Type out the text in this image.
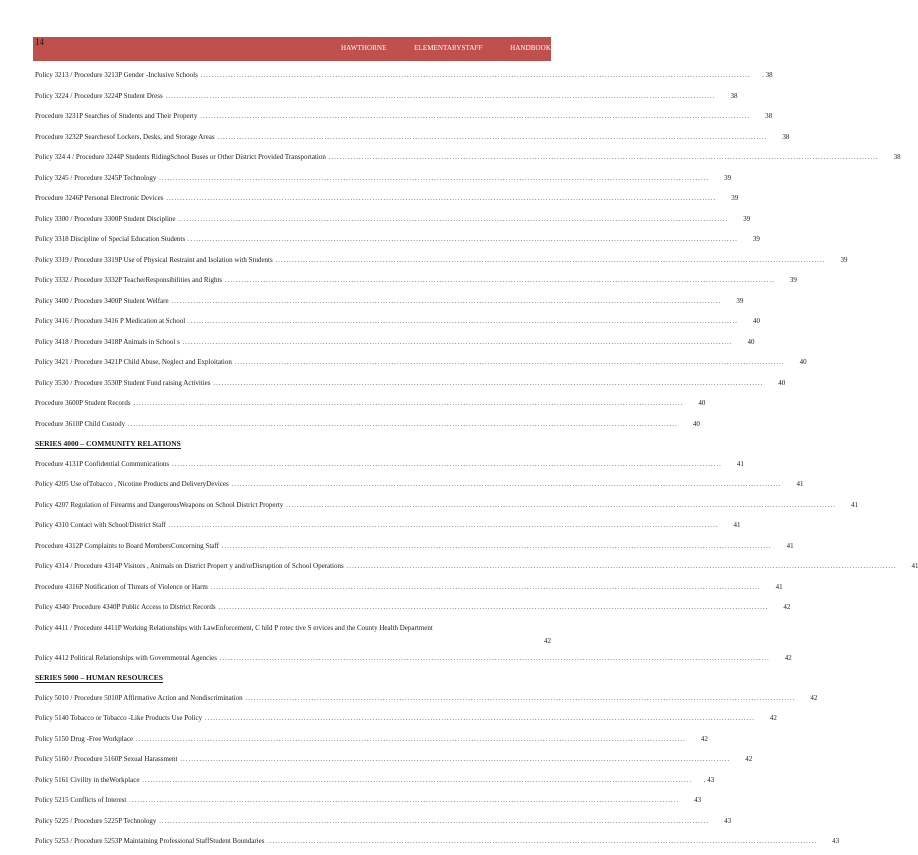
14
HAWTHORNE	ELEMENTARYSTAFF	HANDBOOK
Policy 3213 / Procedure 3213P Gender -Inclusive Schools ........................................................................................................................................................................................................	. 38
Policy 3224 / Procedure 3224P Student Dress ........................................................................................................................................................................................................	38
Procedure 3231P Searches of Students and Their Property ........................................................................................................................................................................................................	38
Procedure 3232P Searchesof Lockers, Desks, and Storage Areas ........................................................................................................................................................................................................	38
Policy 324 4 / Procedure 3244P Students RidingSchool Buses or Other District Provided Transportation ........................................................................................................................................................................................................	38
Policy 3245 / Procedure 3245P Technology ........................................................................................................................................................................................................	39
Procedure 3246P Personal Electronic Devices ........................................................................................................................................................................................................	39
Policy 3300 / Procedure 3300P Student Discipline ........................................................................................................................................................................................................	39
Policy 3318 Discipline of Special Education Students ........................................................................................................................................................................................................	39
Policy 3319 / Procedure 3319P Use of Physical Restraint and Isolation with Students ........................................................................................................................................................................................................	39
Policy 3332 / Procedure 3332P TeacherResponsibilities and Rights ........................................................................................................................................................................................................	39
Policy 3400 / Procedure 3400P Student Welfare ........................................................................................................................................................................................................	39
Policy 3416 / Procedure 3416 P Medication at School ........................................................................................................................................................................................................	40
Policy 3418 / Procedure 3418P Animals in School s ........................................................................................................................................................................................................	40
Policy 3421 / Procedure 3421P Child Abuse, Neglect and Exploitation ........................................................................................................................................................................................................	40
Policy 3530 / Procedure 3530P Student Fund raising Activities ........................................................................................................................................................................................................	40
Procedure 3600P Student Records ........................................................................................................................................................................................................	40
Procedure 3610P Child Custody ........................................................................................................................................................................................................	40
SERIES 4000 – COMMUNITY RELATIONS
Procedure 4131P Confidential Communications ........................................................................................................................................................................................................	41
Policy 4205 Use ofTobacco , Nicotine Products and DeliveryDevices ........................................................................................................................................................................................................	41
Policy 4207 Regulation of Firearms and DangerousWeapons on School District Property ........................................................................................................................................................................................................	41
Policy 4310 Contact with School/District Staff ........................................................................................................................................................................................................	41
Procedure 4312P Complaints to Board MembersConcerning Staff ........................................................................................................................................................................................................	41
Policy 4314 / Procedure 4314P Visitors , Animals on District Propert y and/orDisruption of School Operations ........................................................................................................................................................................................................	41
Procedure 4316P Notification of Threats of Violence or Harm ........................................................................................................................................................................................................	41
Policy 4340/ Procedure 4340P Public Access to District Records ........................................................................................................................................................................................................	42
Policy 4411 / Procedure 4411P Working Relationships with LawEnforcement, C hild P rotec tive S ervices and the County Health Department
42
Policy 4412 Political Relationships with Governmental Agencies ........................................................................................................................................................................................................	42
SERIES 5000 – HUMAN RESOURCES
Policy 5010 / Procedure 5010P Affirmative Action and Nondiscrimination ........................................................................................................................................................................................................	42
Policy 5140 Tobacco or Tobacco -Like Products Use Policy ........................................................................................................................................................................................................	42
Policy 5150 Drug -Free Workplace ........................................................................................................................................................................................................	42
Policy 5160 / Procedure 5160P Sexual Harassment ........................................................................................................................................................................................................	42
Policy 5161 Civility in theWorkplace ........................................................................................................................................................................................................	. 43
Policy 5215 Conflicts of Interest ........................................................................................................................................................................................................	43
Policy 5225 / Procedure 5225P Technology ........................................................................................................................................................................................................	43
Policy 5253 / Procedure 5253P Maintaining Professional StaffStudent Boundaries ........................................................................................................................................................................................................	43
